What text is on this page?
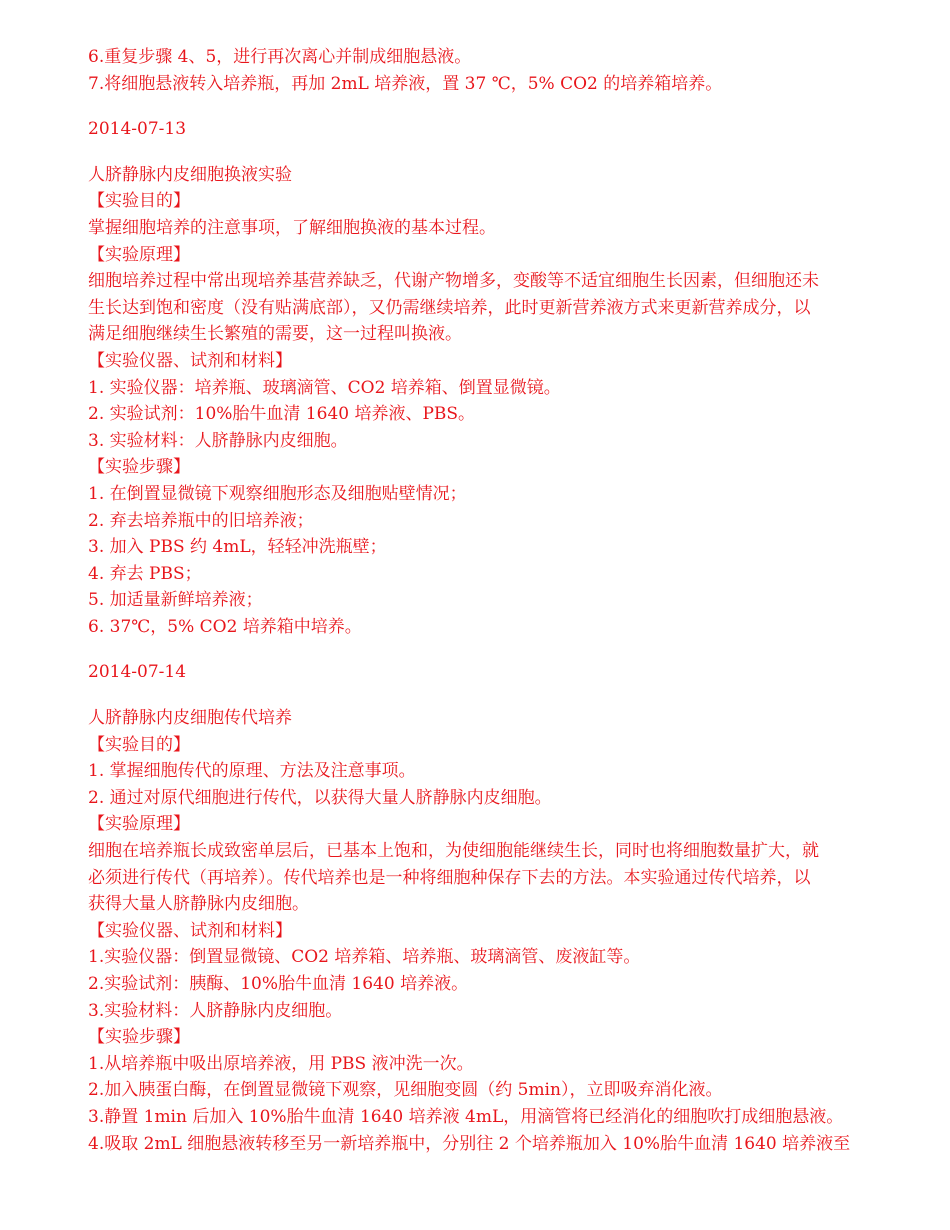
6.重复步骤 4、5，进行再次离心并制成细胞悬液。
7.将细胞悬液转入培养瓶，再加 2mL 培养液，置 37 ℃，5% CO2 的培养箱培养。
2014-07-13
人脐静脉内皮细胞换液实验
【实验目的】
掌握细胞培养的注意事项，了解细胞换液的基本过程。
【实验原理】
细胞培养过程中常出现培养基营养缺乏，代谢产物增多，变酸等不适宜细胞生长因素，但细胞还未
生长达到饱和密度（没有贴满底部），又仍需继续培养，此时更新营养液方式来更新营养成分，以
满足细胞继续生长繁殖的需要，这一过程叫换液。
【实验仪器、试剂和材料】
1. 实验仪器：培养瓶、玻璃滴管、CO2 培养箱、倒置显微镜。
2. 实验试剂：10%胎牛血清 1640 培养液、PBS。
3. 实验材料：人脐静脉内皮细胞。
【实验步骤】
1. 在倒置显微镜下观察细胞形态及细胞贴壁情况；
2. 弃去培养瓶中的旧培养液；
3. 加入 PBS 约 4mL，轻轻冲洗瓶壁；
4. 弃去 PBS；
5. 加适量新鲜培养液；
6. 37℃，5% CO2 培养箱中培养。
2014-07-14
人脐静脉内皮细胞传代培养
【实验目的】
1. 掌握细胞传代的原理、方法及注意事项。
2. 通过对原代细胞进行传代，以获得大量人脐静脉内皮细胞。
【实验原理】
细胞在培养瓶长成致密单层后，已基本上饱和，为使细胞能继续生长，同时也将细胞数量扩大，就
必须进行传代（再培养）。传代培养也是一种将细胞种保存下去的方法。本实验通过传代培养，以
获得大量人脐静脉内皮细胞。
【实验仪器、试剂和材料】
1.实验仪器：倒置显微镜、CO2 培养箱、培养瓶、玻璃滴管、废液缸等。
2.实验试剂：胰酶、10%胎牛血清 1640 培养液。
3.实验材料：人脐静脉内皮细胞。
【实验步骤】
1.从培养瓶中吸出原培养液，用 PBS 液冲洗一次。
2.加入胰蛋白酶，在倒置显微镜下观察，见细胞变圆（约 5min），立即吸弃消化液。
3.静置 1min 后加入 10%胎牛血清 1640 培养液 4mL，用滴管将已经消化的细胞吹打成细胞悬液。
4.吸取 2mL 细胞悬液转移至另一新培养瓶中，分别往 2 个培养瓶加入 10%胎牛血清 1640 培养液至
